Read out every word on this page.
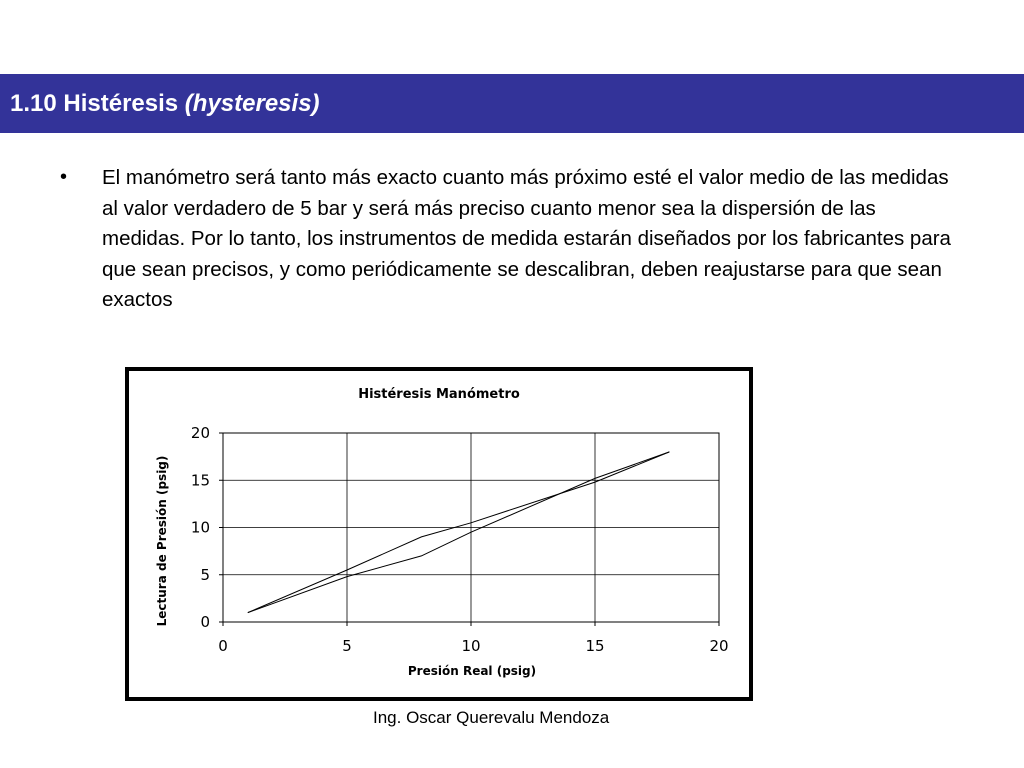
1.10 Histéresis (hysteresis)
• El manómetro será tanto más exacto cuanto más próximo esté el valor medio de las medidas al valor verdadero de 5 bar y será más preciso cuanto menor sea la dispersión de las medidas. Por lo tanto, los instrumentos de medida estarán diseñados por los fabricantes para que sean precisos, y como periódicamente se descalibran, deben reajustarse para que sean exactos
Histéresis Manómetro
0	5	10	15	20
0
5
10
15
20
Presión Real (psig)
Lectura de Presión (psig)
Ing. Oscar Querevalu Mendoza
